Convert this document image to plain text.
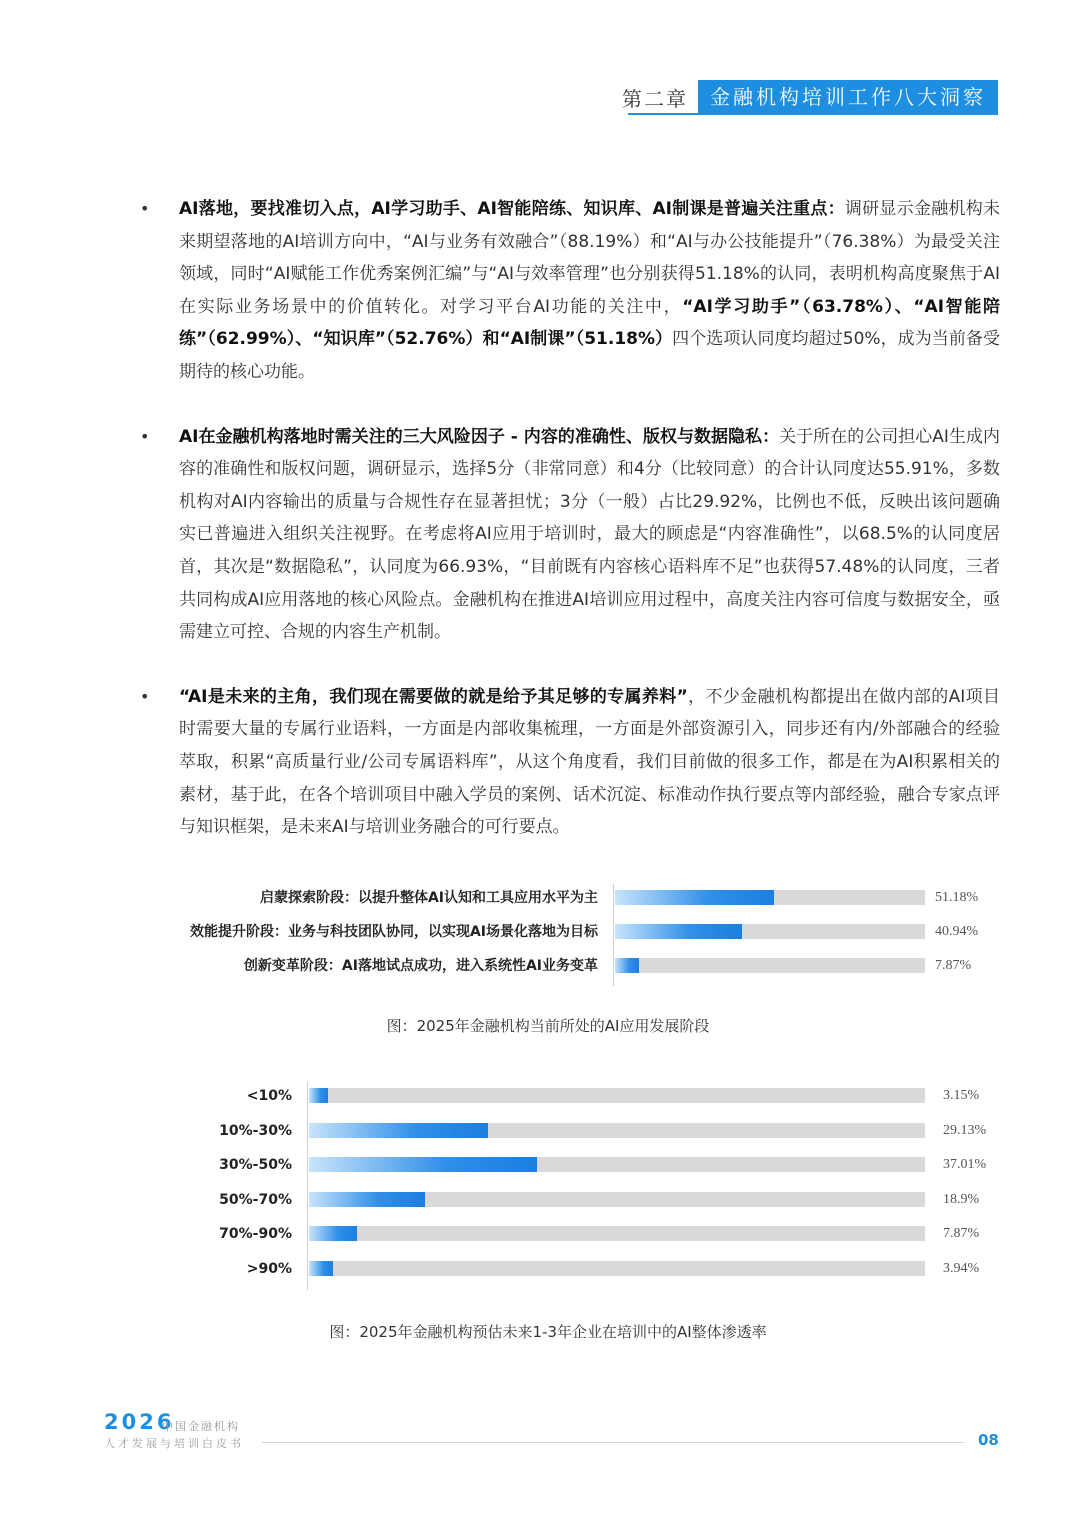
第二章	金融机构培训工作八大洞察
• AI落地，要找准切入点，AI学习助手、AI智能陪练、知识库、AI制课是普遍关注重点：调研显示金融机构未来期望落地的AI培训方向中，“AI与业务有效融合”（88.19%）和“AI与办公技能提升”（76.38%）为最受关注领域，同时“AI赋能工作优秀案例汇编”与“AI与效率管理”也分别获得51.18%的认同，表明机构高度聚焦于AI在实际业务场景中的价值转化。对学习平台AI功能的关注中，“AI学习助手”（63.78%）、“AI智能陪练”（62.99%）、“知识库”（52.76%）和“AI制课”（51.18%）四个选项认同度均超过50%，成为当前备受期待的核心功能。
• AI在金融机构落地时需关注的三大风险因子 - 内容的准确性、版权与数据隐私：关于所在的公司担心AI生成内容的准确性和版权问题，调研显示，选择5分（非常同意）和4分（比较同意）的合计认同度达55.91%，多数机构对AI内容输出的质量与合规性存在显著担忧；3分（一般）占比29.92%，比例也不低，反映出该问题确实已普遍进入组织关注视野。在考虑将AI应用于培训时，最大的顾虑是“内容准确性”，以68.5%的认同度居首，其次是“数据隐私”，认同度为66.93%，“目前既有内容核心语料库不足”也获得57.48%的认同度，三者共同构成AI应用落地的核心风险点。金融机构在推进AI培训应用过程中，高度关注内容可信度与数据安全，亟需建立可控、合规的内容生产机制。
• “AI是未来的主角，我们现在需要做的就是给予其足够的专属养料”，不少金融机构都提出在做内部的AI项目时需要大量的专属行业语料，一方面是内部收集梳理，一方面是外部资源引入，同步还有内/外部融合的经验萃取，积累“高质量行业/公司专属语料库”，从这个角度看，我们目前做的很多工作，都是在为AI积累相关的素材，基于此，在各个培训项目中融入学员的案例、话术沉淀、标准动作执行要点等内部经验，融合专家点评与知识框架，是未来AI与培训业务融合的可行要点。
启蒙探索阶段：以提升整体AI认知和工具应用水平为主	51.18%
效能提升阶段：业务与科技团队协同，以实现AI场景化落地为目标	40.94%
创新变革阶段：AI落地试点成功，进入系统性AI业务变革	7.87%
图：2025年金融机构当前所处的AI应用发展阶段
<10%	3.15%
10%-30%	29.13%
30%-50%	37.01%
50%-70%	18.9%
70%-90%	7.87%
>90%	3.94%
图：2025年金融机构预估未来1-3年企业在培训中的AI整体渗透率
2026
中国金融机构
人才发展与培训白皮书	08
